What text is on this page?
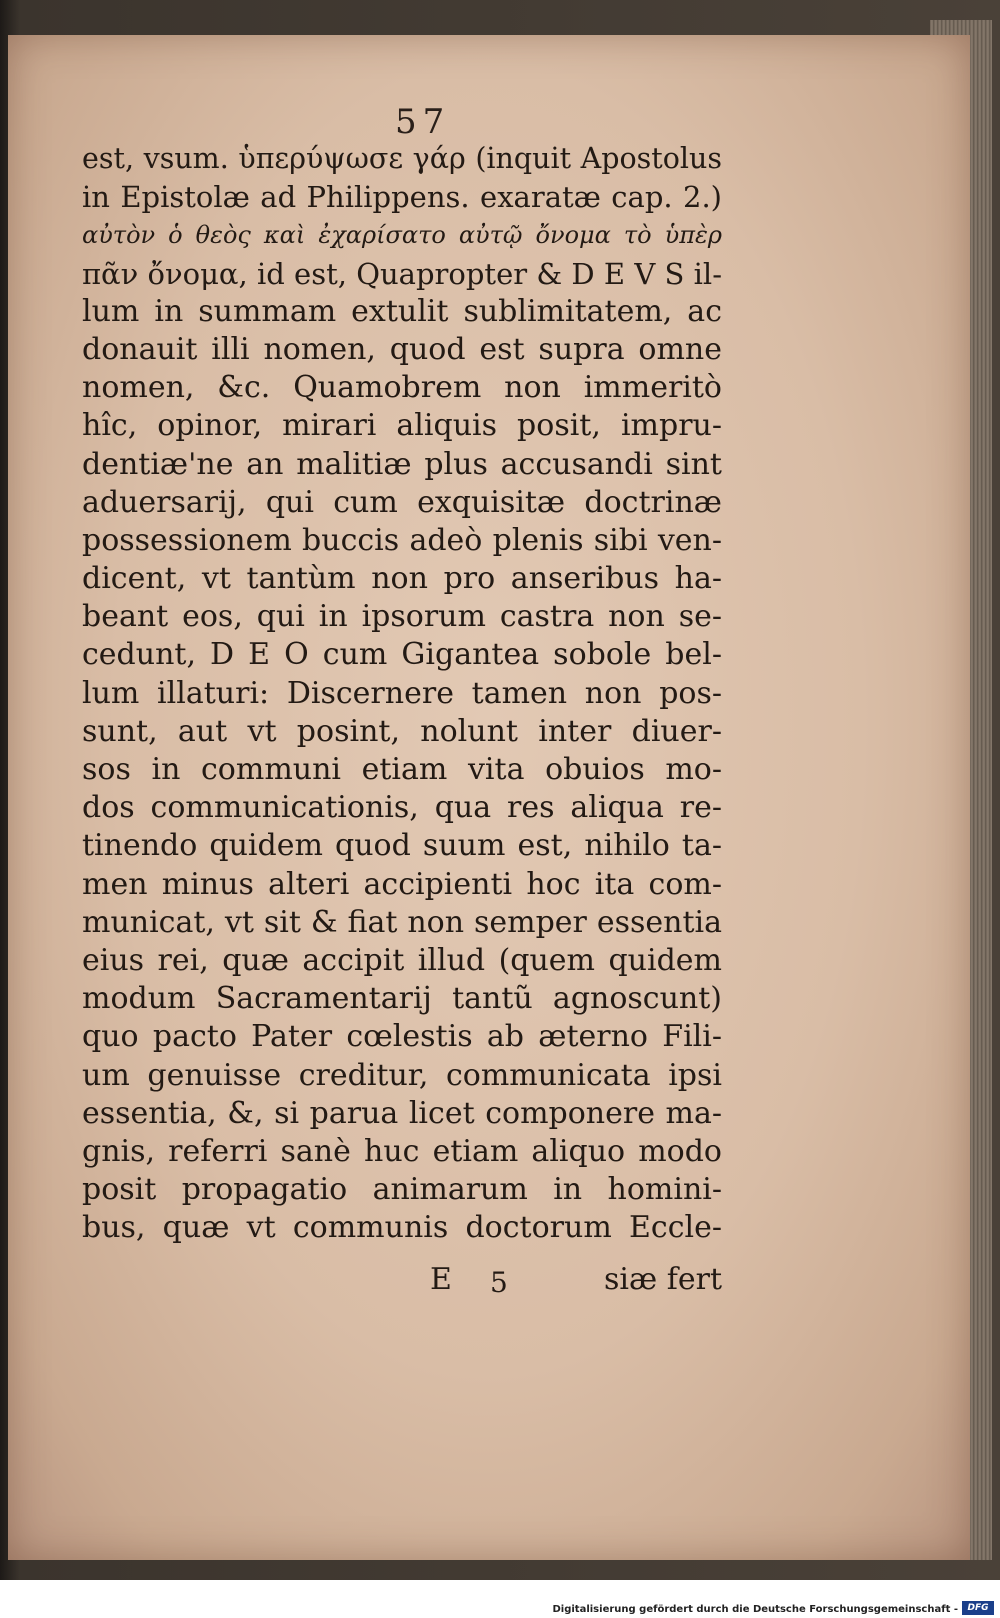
57
est, vsum. ὑπερύψωσε γάρ (inquit Apostolus
in Epistolæ ad Philippens. exaratæ cap. 2.)
αὐτὸν ὁ θεὸς καὶ ἐχαρίσατο αὐτῷ ὄνομα τὸ ὑπὲρ
πᾶν ὄνομα, id est, Quapropter & D E V S il-
lum in summam extulit sublimitatem, ac
donauit illi nomen, quod est supra omne
nomen, &c. Quamobrem non immeritò
hîc, opinor, mirari aliquis posit, impru-
dentiæ'ne an malitiæ plus accusandi sint
aduersarij, qui cum exquisitæ doctrinæ
possessionem buccis adeò plenis sibi ven-
dicent, vt tantùm non pro anseribus ha-
beant eos, qui in ipsorum castra non se-
cedunt, D E O cum Gigantea sobole bel-
lum illaturi: Discernere tamen non pos-
sunt, aut vt posint, nolunt inter diuer-
sos in communi etiam vita obuios mo-
dos communicationis, qua res aliqua re-
tinendo quidem quod suum est, nihilo ta-
men minus alteri accipienti hoc ita com-
municat, vt sit & fiat non semper essentia
eius rei, quæ accipit illud (quem quidem
modum Sacramentarij tantũ agnoscunt)
quo pacto Pater cœlestis ab æterno Fili-
um genuisse creditur, communicata ipsi
essentia, &, si parua licet componere ma-
gnis, referri sanè huc etiam aliquo modo
posit propagatio animarum in homini-
bus, quæ vt communis doctorum Eccle-
E 5	siæ fert
Digitalisierung gefördert durch die Deutsche Forschungsgemeinschaft -	DFG
